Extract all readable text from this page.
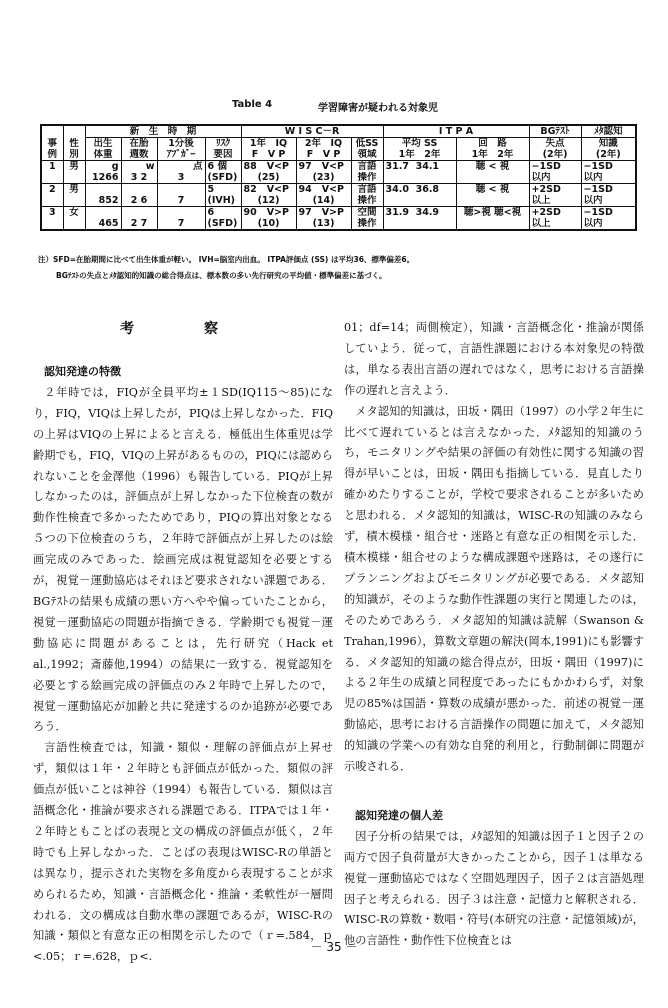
Table 4	学習障害が疑われる対象児
		新　生　時　期				W I S C－R			I T P A		BGﾃｽﾄ	ﾒﾀ認知
事	性	出生	在胎	1分後	ﾘｽｸ	1年　IQ	2年　IQ	低SS	平均 SS	回　路	失点	知識
例	別	体重	週数	ｱﾌﾟｶﾞｰ	要因	F　V P	F　V P	領域	1年　2年	1年　2年	(2年)	(2年)
1	男	g	w	点	6 個	88 V<P	97 V<P	言語	31.7 34.1	聴 < 視	−1SD	−1SD
		1266	3 2	3	(SFD)	(25)	(23)	操作			以内	以内
2	男				5	82 V<P	94 V<P	言語	34.0 36.8	聴 < 視	+2SD	−1SD
		852	2 6	7	(IVH)	(12)	(14)	操作			以上	以内
3	女				6	90 V>P	97 V>P	空間	31.9 34.9	聴>視 聴<視	+2SD	−1SD
		465	2 7	7	(SFD)	(10)	(13)	操作			以上	以内
注）SFD=在胎期間に比べて出生体重が軽い。 IVH=脳室内出血。 ITPA評価点 (SS) は平均36、標準偏差6。
BGﾃｽﾄの失点とﾒﾀ認知的知識の総合得点は、標本数の多い先行研究の平均値・標準偏差に基づく。
考　察

認知発達の特徴

２年時では，FIQが全員平均±１SD(IQ115〜85)になり，FIQ，VIQは上昇したが，PIQは上昇しなかった．FIQの上昇はVIQの上昇によると言える．極低出生体重児は学齢期でも，FIQ，VIQの上昇があるものの，PIQには認められないことを金澤他（1996）も報告している．PIQが上昇しなかったのは，評価点が上昇しなかった下位検査の数が動作性検査で多かったためであり，PIQの算出対象となる５つの下位検査のうち，２年時で評価点が上昇したのは絵画完成のみであった．絵画完成は視覚認知を必要とするが，視覚－運動協応はそれほど要求されない課題である．BGﾃｽﾄの結果も成績の悪い方へやや偏っていたことから，視覚－運動協応の問題が指摘できる．学齢期でも視覚－運動協応に問題があることは，先行研究（Hack et al.,1992；斎藤他,1994）の結果に一致する．視覚認知を必要とする絵画完成の評価点のみ２年時で上昇したので，視覚－運動協応が加齢と共に発達するのか追跡が必要であろう．

言語性検査では，知識・類似・理解の評価点が上昇せず，類似は１年・２年時とも評価点が低かった．類似の評価点が低いことは神谷（1994）も報告している．類似は言語概念化・推論が要求される課題である．ITPAでは１年・２年時ともことばの表現と文の構成の評価点が低く，２年時でも上昇しなかった．ことばの表現はWISC-Rの単語とは異なり，提示された実物を多角度から表現することが求められるため，知識・言語概念化・推論・柔軟性が一層問われる．文の構成は自動水準の課題であるが，WISC-Rの知識・類似と有意な正の相関を示したので（ｒ=.584，ｐ<.05；ｒ=.628，ｐ<.

01；df=14；両側検定），知識・言語概念化・推論が関係していよう．従って，言語性課題における本対象児の特徴は，単なる表出言語の遅れではなく，思考における言語操作の遅れと言えよう．

メタ認知的知識は，田坂・隅田（1997）の小学２年生に比べて遅れているとは言えなかった．ﾒﾀ認知的知識のうち，モニタリングや結果の評価の有効性に関する知識の習得が早いことは，田坂・隅田も指摘している．見直したり確かめたりすることが，学校で要求されることが多いためと思われる．メタ認知的知識は，WISC-Rの知識のみならず，積木模様・組合せ・迷路と有意な正の相関を示した．積木模様・組合せのような構成課題や迷路は，その遂行にプランニングおよびモニタリングが必要である．メタ認知的知識が，そのような動作性課題の実行と関連したのは，そのためであろう．メタ認知的知識は読解（Swanson & Trahan,1996），算数文章題の解決(岡本,1991)にも影響する．メタ認知的知識の総合得点が，田坂・隅田（1997)による２年生の成績と同程度であったにもかかわらず，対象児の85%は国語・算数の成績が悪かった．前述の視覚－運動協応，思考における言語操作の問題に加えて，メタ認知的知識の学業への有効な自発的利用と，行動制御に問題が示唆される．

認知発達の個人差

因子分析の結果では，ﾒﾀ認知的知識は因子１と因子２の両方で因子負荷量が大きかったことから，因子１は単なる視覚－運動協応ではなく空間処理因子，因子２は言語処理因子と考えられる．因子３は注意・記憶力と解釈される．WISC-Rの算数・数唱・符号(本研究の注意・記憶領域)が，他の言語性・動作性下位検査とは

－ 35 －
